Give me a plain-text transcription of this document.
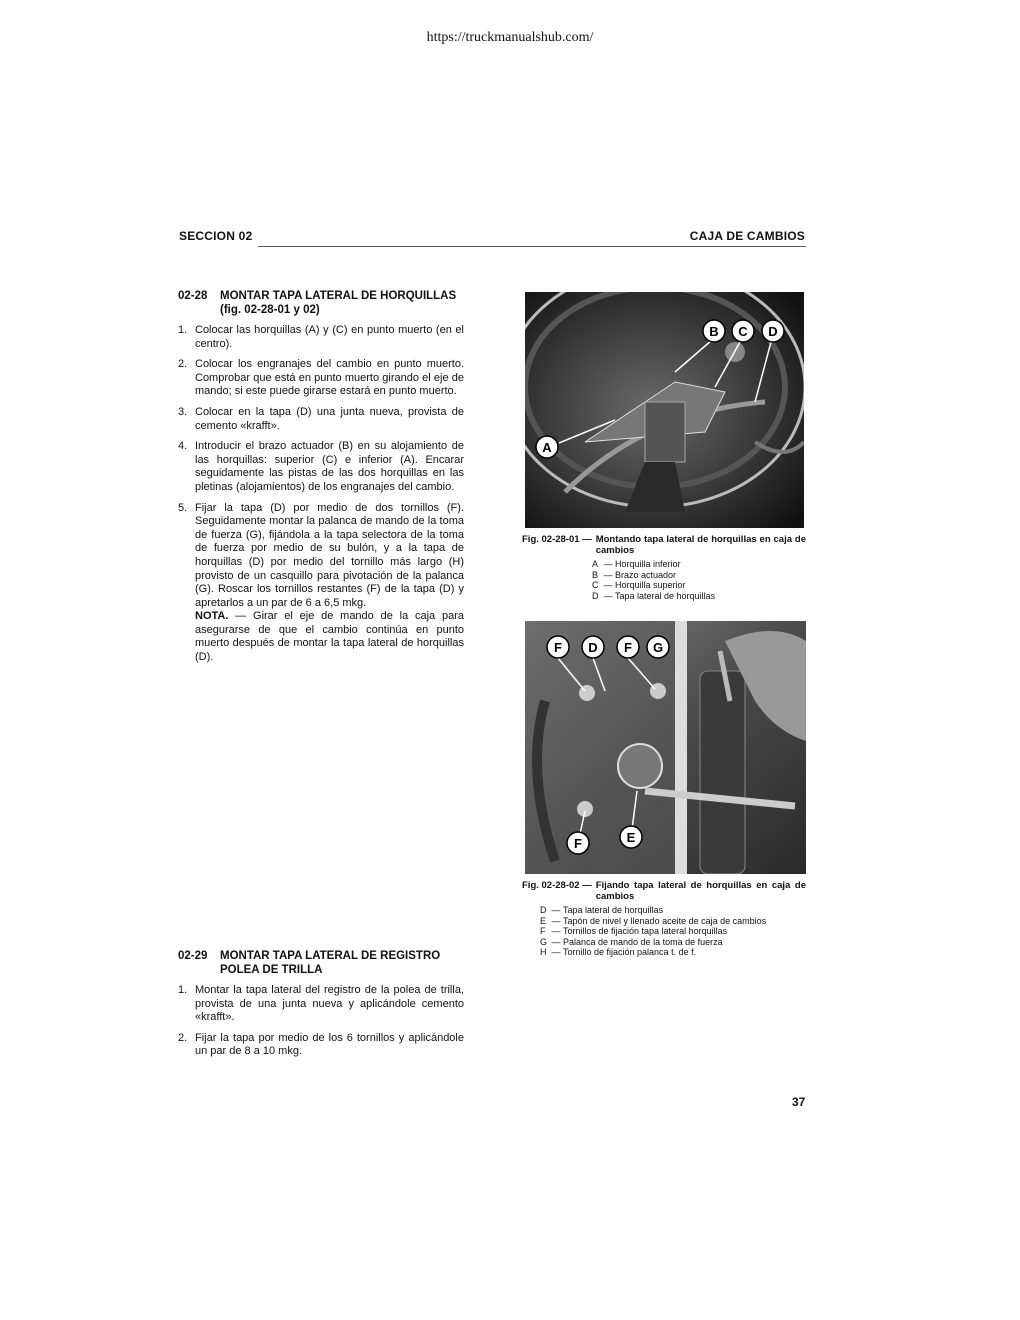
https://truckmanualshub.com/
SECCION 02	CAJA DE CAMBIOS
02-28	MONTAR TAPA LATERAL DE HORQUILLAS (fig. 02-28-01 y 02)
1. Colocar las horquillas (A) y (C) en punto muerto (en el centro).
2. Colocar los engranajes del cambio en punto muerto. Comprobar que está en punto muerto girando el eje de mando; si este puede girarse estará en punto muerto.
3. Colocar en la tapa (D) una junta nueva, provista de cemento «krafft».
4. Introducir el brazo actuador (B) en su alojamiento de las horquillas: superior (C) e inferior (A). Encarar seguidamente las pistas de las dos horquillas en las pletinas (alojamientos) de los engranajes del cambio.
5. Fijar la tapa (D) por medio de dos tornillos (F). Seguidamente montar la palanca de mando de la toma de fuerza (G), fijándola a la tapa selectora de la toma de fuerza por medio de su bulón, y a la tapa de horquillas (D) por medio del tornillo más largo (H) provisto de un casquillo para pivotación de la palanca (G). Roscar los tornillos restantes (F) de la tapa (D) y apretarlos a un par de 6 a 6,5 mkg.
NOTA. — Girar el eje de mando de la caja para asegurarse de que el cambio continúa en punto muerto después de montar la tapa lateral de horquillas (D).
02-29	MONTAR TAPA LATERAL DE REGISTRO POLEA DE TRILLA
1. Montar la tapa lateral del registro de la polea de trilla, provista de una junta nueva y aplicándole cemento «krafft».
2. Fijar la tapa por medio de los 6 tornillos y aplicándole un par de 8 a 10 mkg.
A
B C D
Fig. 02-28-01 — Montando tapa lateral de horquillas en caja de cambios
A — Horquilla inferior
B — Brazo actuador
C — Horquilla superior
D — Tapa lateral de horquillas
F D F G
F	E
Fig. 02-28-02 — Fijando tapa lateral de horquillas en caja de cambios
D — Tapa lateral de horquillas
E — Tapón de nivel y llenado aceite de caja de cambios
F — Tornillos de fijación tapa lateral horquillas
G — Palanca de mando de la toma de fuerza
H — Tornillo de fijación palanca t. de f.
37
